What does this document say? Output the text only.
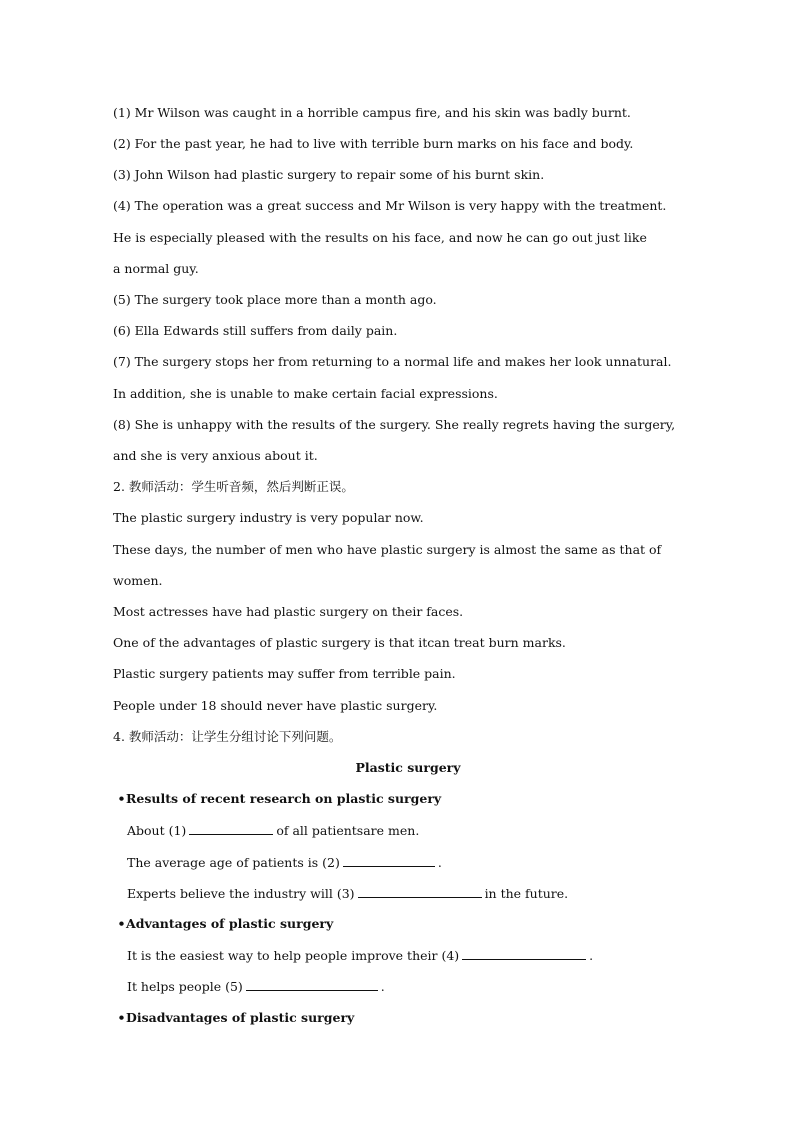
(1) Mr Wilson was caught in a horrible campus fire, and his skin was badly burnt.
(2) For the past year, he had to live with terrible burn marks on his face and body.
(3) John Wilson had plastic surgery to repair some of his burnt skin.
(4) The operation was a great success and Mr Wilson is very happy with the treatment.
He is especially pleased with the results on his face, and now he can go out just like
a normal guy.
(5) The surgery took place more than a month ago.
(6) Ella Edwards still suffers from daily pain.
(7) The surgery stops her from returning to a normal life and makes her look unnatural.
In addition, she is unable to make certain facial expressions.
(8) She is unhappy with the results of the surgery. She really regrets having the surgery,
and she is very anxious about it.
2. 教师活动：学生听音频，然后判断正误。
The plastic surgery industry is very popular now.
These days, the number of men who have plastic surgery is almost the same as that of
women.
Most actresses have had plastic surgery on their faces.
One of the advantages of plastic surgery is that itcan treat burn marks.
Plastic surgery patients may suffer from terrible pain.
People under 18 should never have plastic surgery.
4. 教师活动：让学生分组讨论下列问题。
Plastic surgery
•Results of recent research on plastic surgery
About (1)	of all patientsare men.
The average age of patients is (2)	.
Experts believe the industry will (3)	in the future.
•Advantages of plastic surgery
It is the easiest way to help people improve their (4)	.
It helps people (5)	.
•Disadvantages of plastic surgery
